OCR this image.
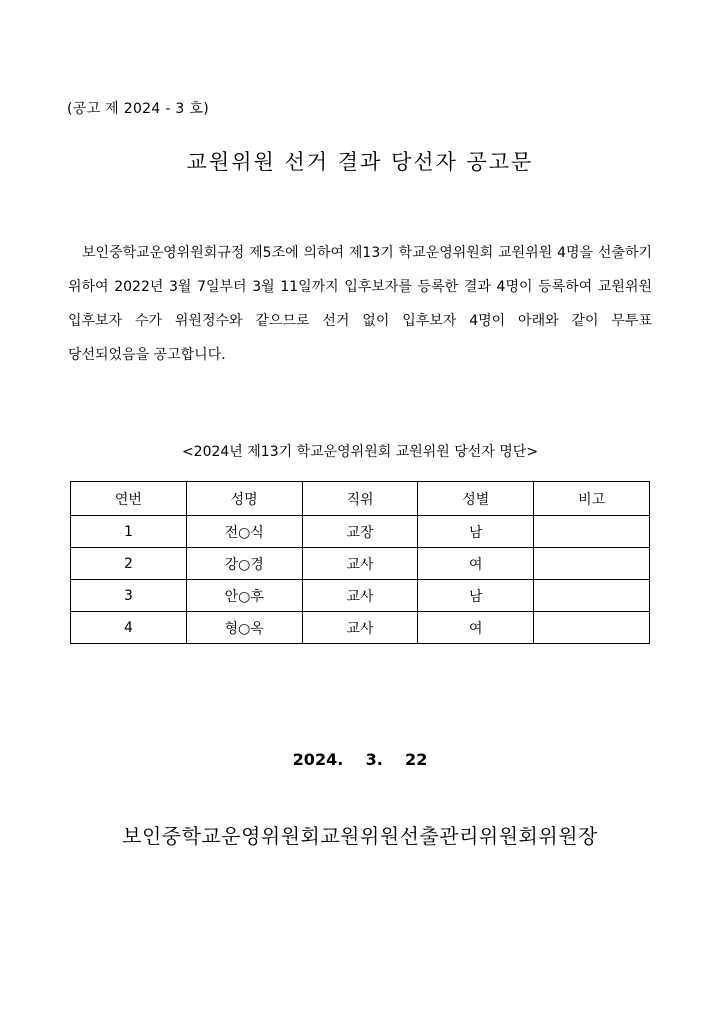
(공고 제 2024 - 3 호)
교원위원 선거 결과 당선자 공고문

보인중학교운영위원회규정 제5조에 의하여 제13기 학교운영위원회 교원위원 4명을 선출하기 위하여 2022년 3월 7일부터 3월 11일까지 입후보자를 등록한 결과 4명이 등록하여 교원위원 입후보자 수가 위원정수와 같으므로 선거 없이 입후보자 4명이 아래와 같이 무투표 당선되었음을 공고합니다.

<2024년 제13기 학교운영위원회 교원위원 당선자 명단>
연번	성명	직위	성별	비고
1	전○식	교장	남	
2	강○경	교사	여	
3	안○후	교사	남	
4	형○옥	교사	여	
2024.    3.    22
보인중학교운영위원회교원위원선출관리위원회위원장
